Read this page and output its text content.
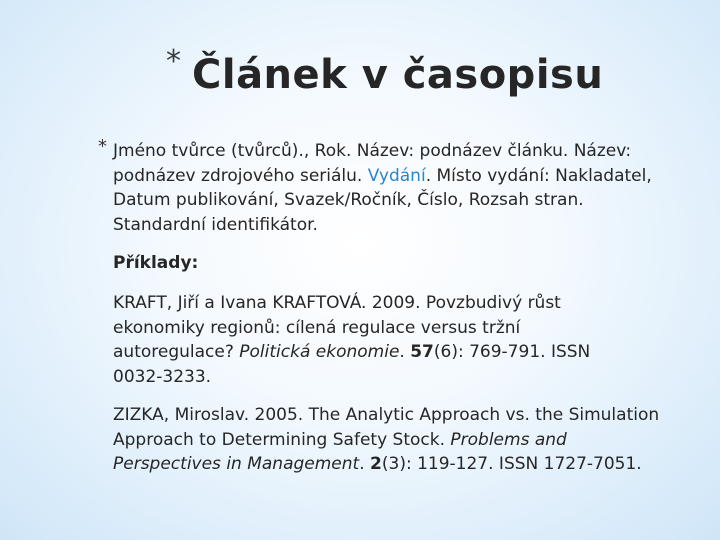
* Článek v časopisu
* Jméno tvůrce (tvůrců)., Rok. Název: podnázev článku. Název: podnázev zdrojového seriálu. Vydání. Místo vydání: Nakladatel, Datum publikování, Svazek/Ročník, Číslo, Rozsah stran. Standardní identifikátor.
Příklady:
KRAFT, Jiří a Ivana KRAFTOVÁ. 2009. Povzbudivý růst ekonomiky regionů: cílená regulace versus tržní autoregulace? Politická ekonomie. 57(6): 769-791. ISSN 0032-3233.
ZIZKA, Miroslav. 2005. The Analytic Approach vs. the Simulation Approach to Determining Safety Stock. Problems and Perspectives in Management. 2(3): 119-127. ISSN 1727-7051.
